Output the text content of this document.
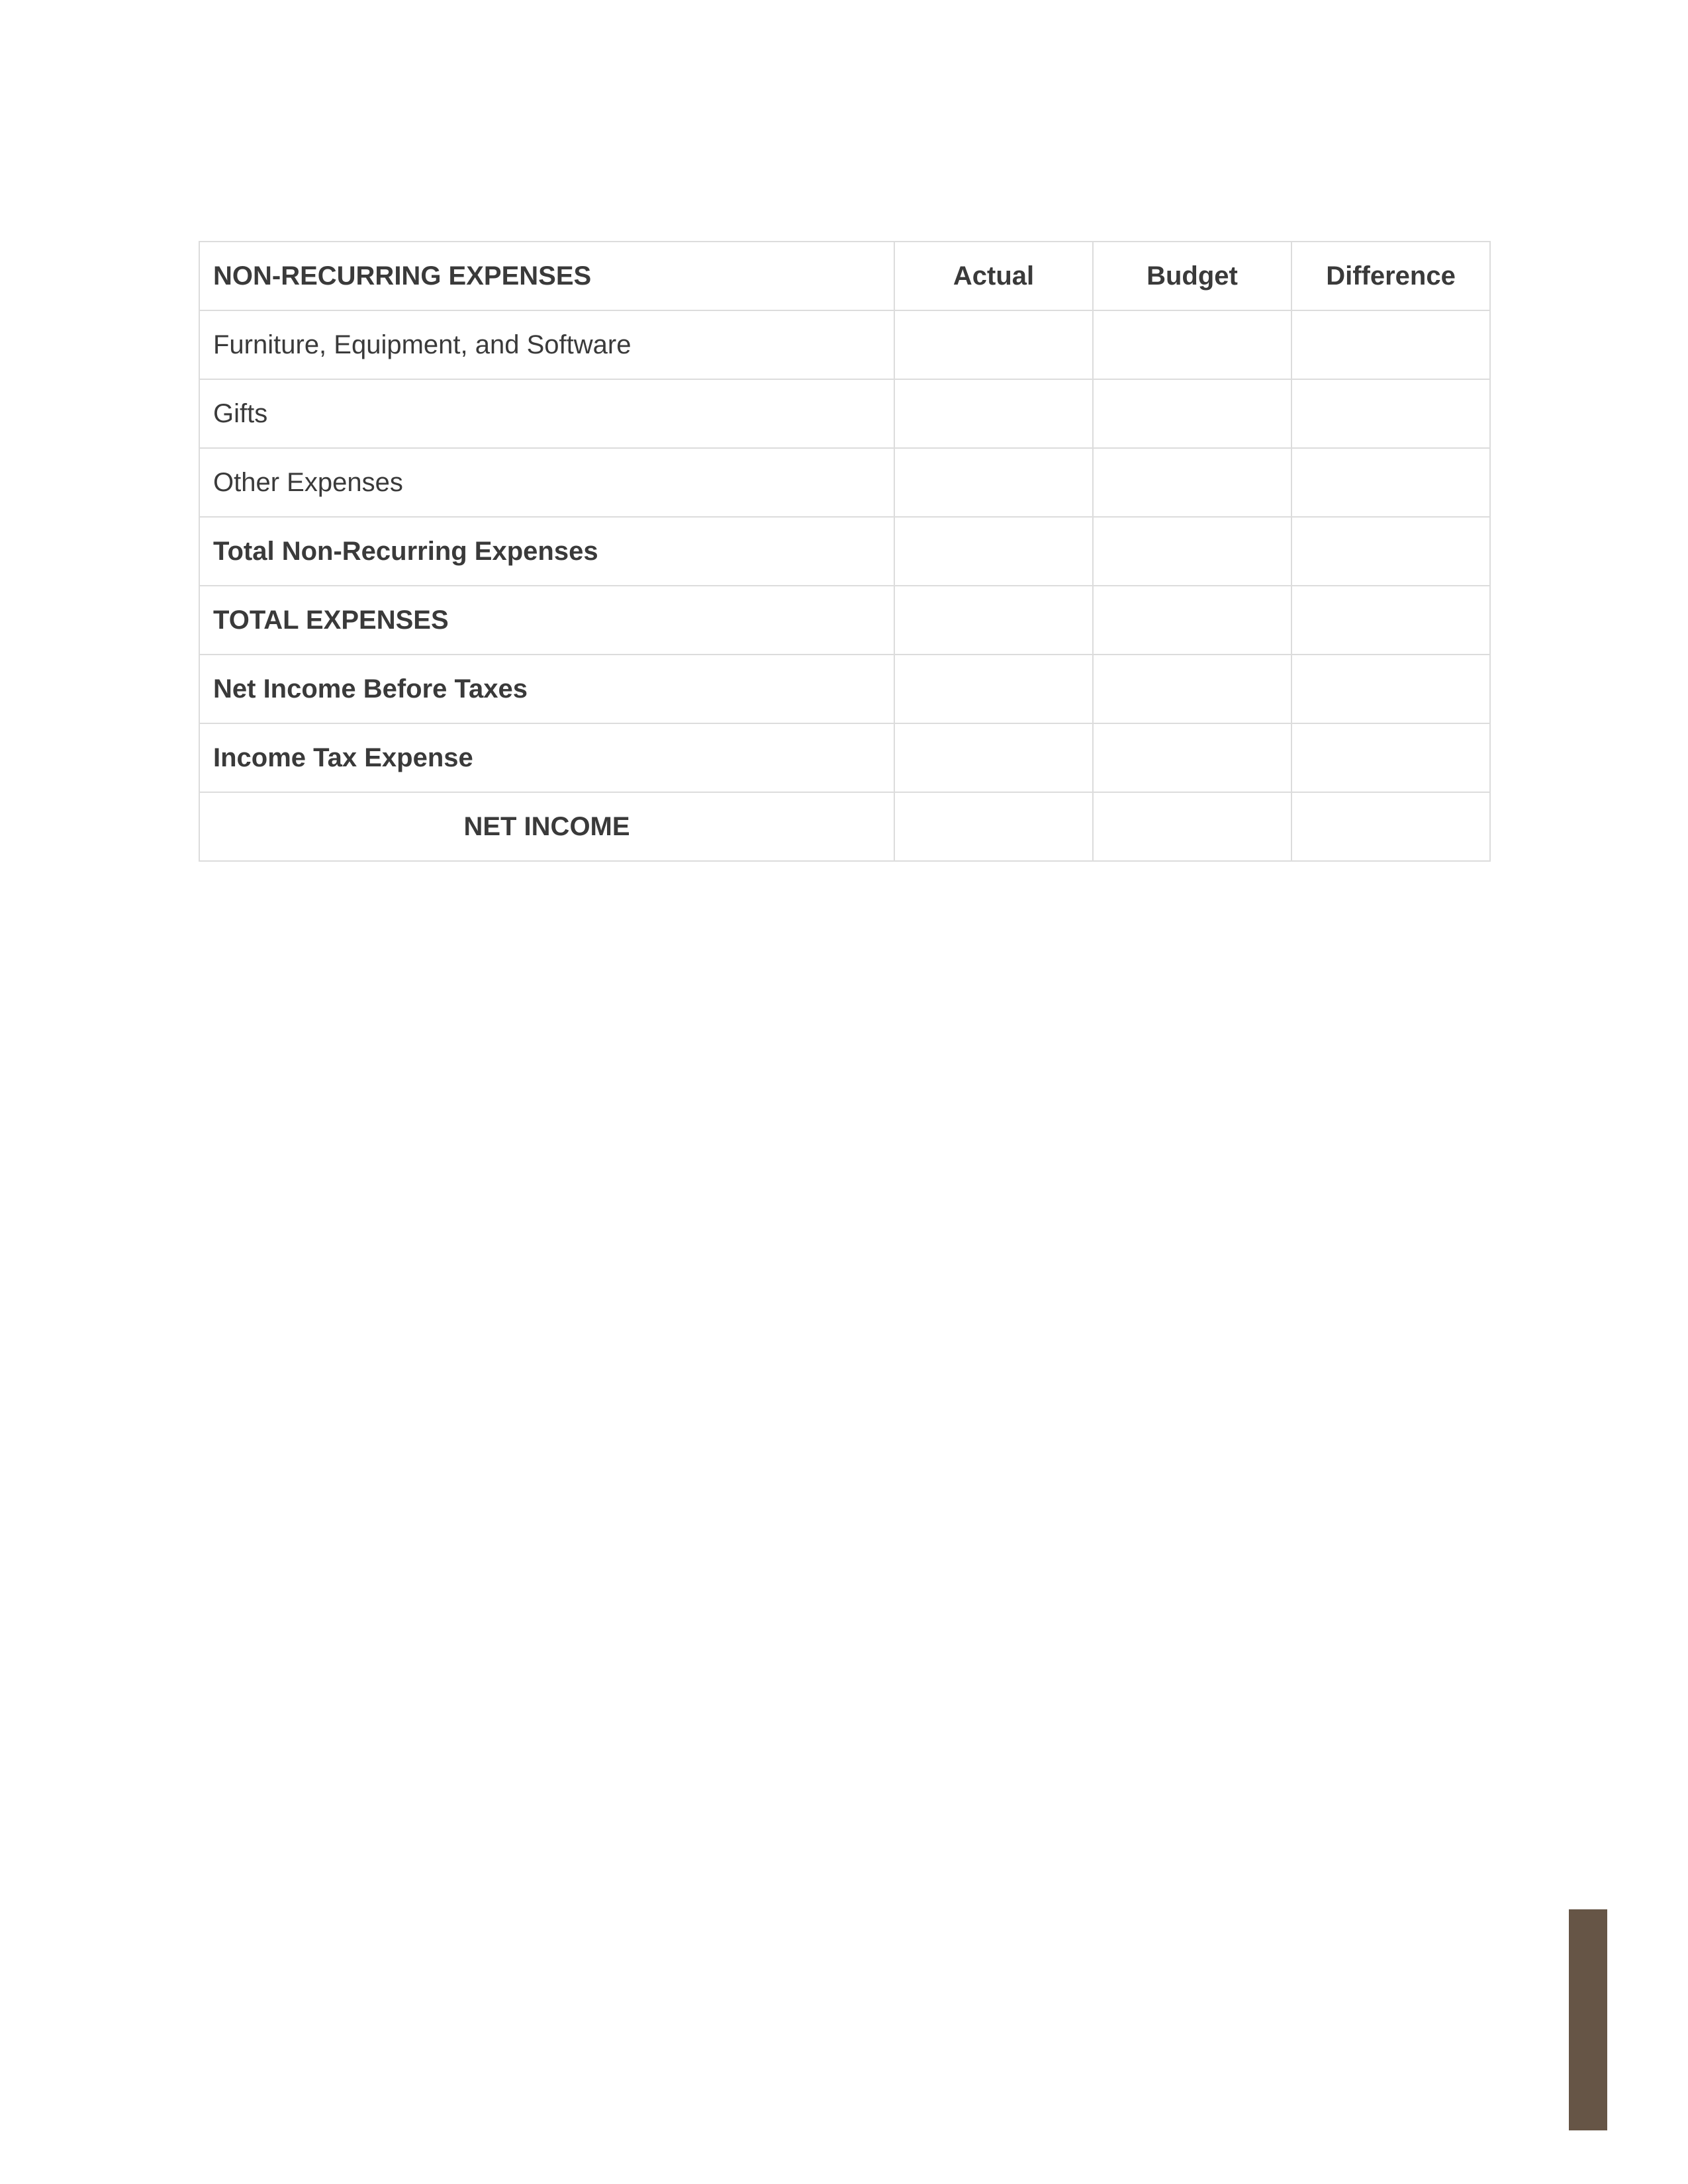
NON-RECURRING EXPENSES	Actual	Budget	Difference
Furniture, Equipment, and Software			
Gifts			
Other Expenses			
Total Non-Recurring Expenses			
TOTAL EXPENSES			
Net Income Before Taxes			
Income Tax Expense			
NET INCOME			
